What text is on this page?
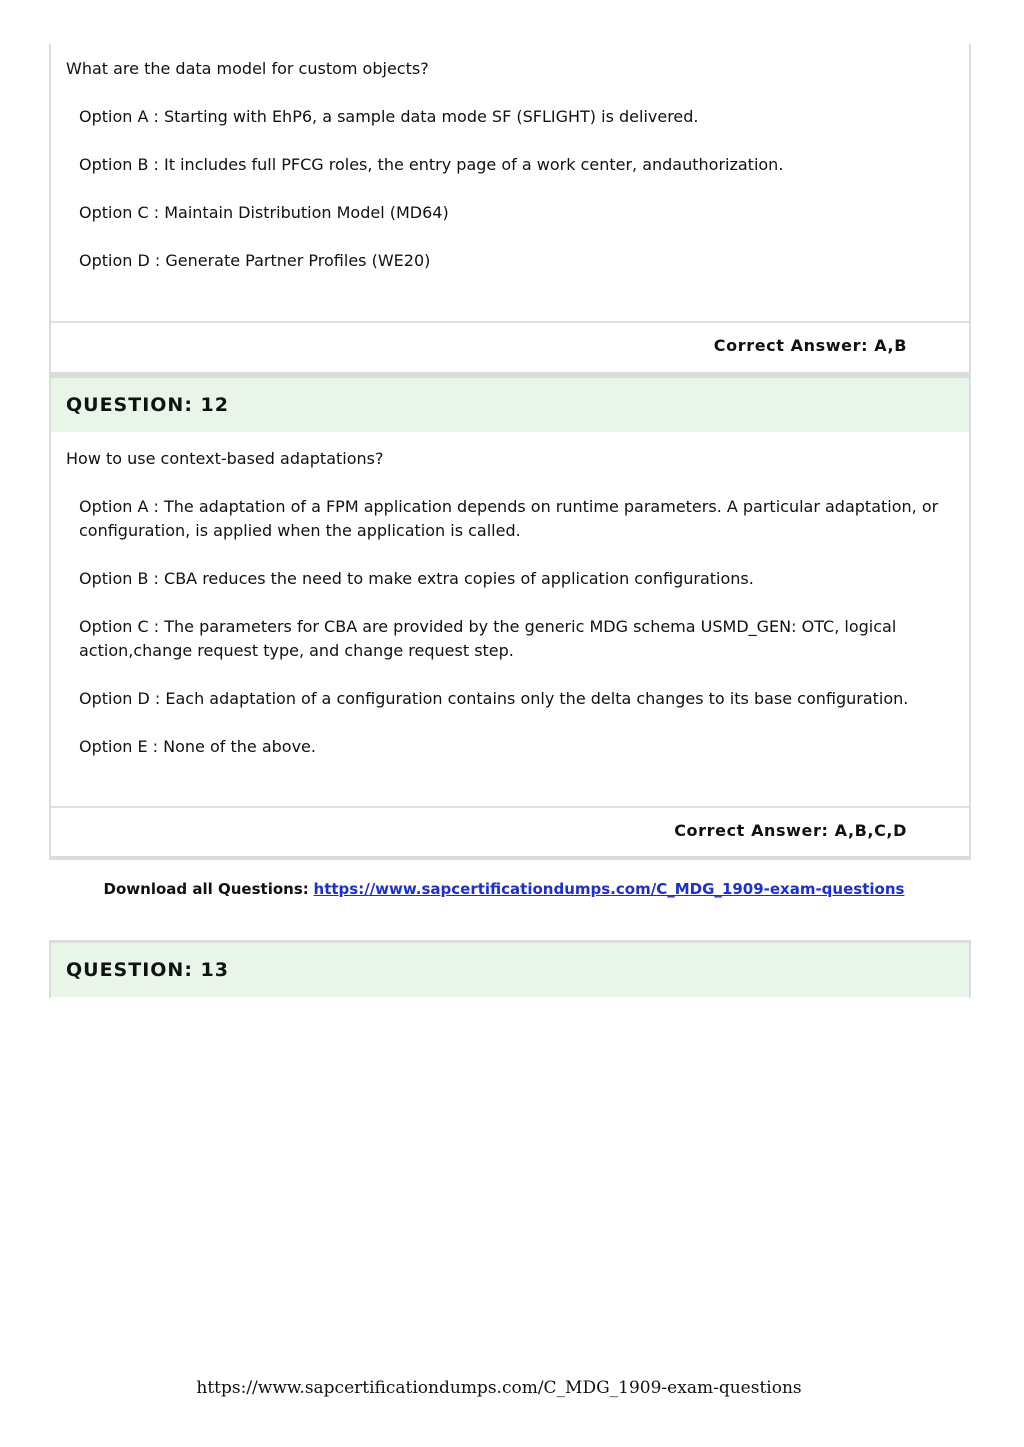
What are the data model for custom objects?
Option A : Starting with EhP6, a sample data mode SF (SFLIGHT) is delivered.
Option B : It includes full PFCG roles, the entry page of a work center, andauthorization.
Option C : Maintain Distribution Model (MD64)
Option D : Generate Partner Profiles (WE20)
Correct Answer: A,B
QUESTION: 12
How to use context-based adaptations?
Option A : The adaptation of a FPM application depends on runtime parameters. A particular adaptation, or configuration, is applied when the application is called.
Option B : CBA reduces the need to make extra copies of application configurations.
Option C : The parameters for CBA are provided by the generic MDG schema USMD_GEN: OTC, logical action,change request type, and change request step.
Option D : Each adaptation of a configuration contains only the delta changes to its base configuration.
Option E : None of the above.
Correct Answer: A,B,C,D
Download all Questions: https://www.sapcertificationdumps.com/C_MDG_1909-exam-questions
QUESTION: 13
https://www.sapcertificationdumps.com/C_MDG_1909-exam-questions
